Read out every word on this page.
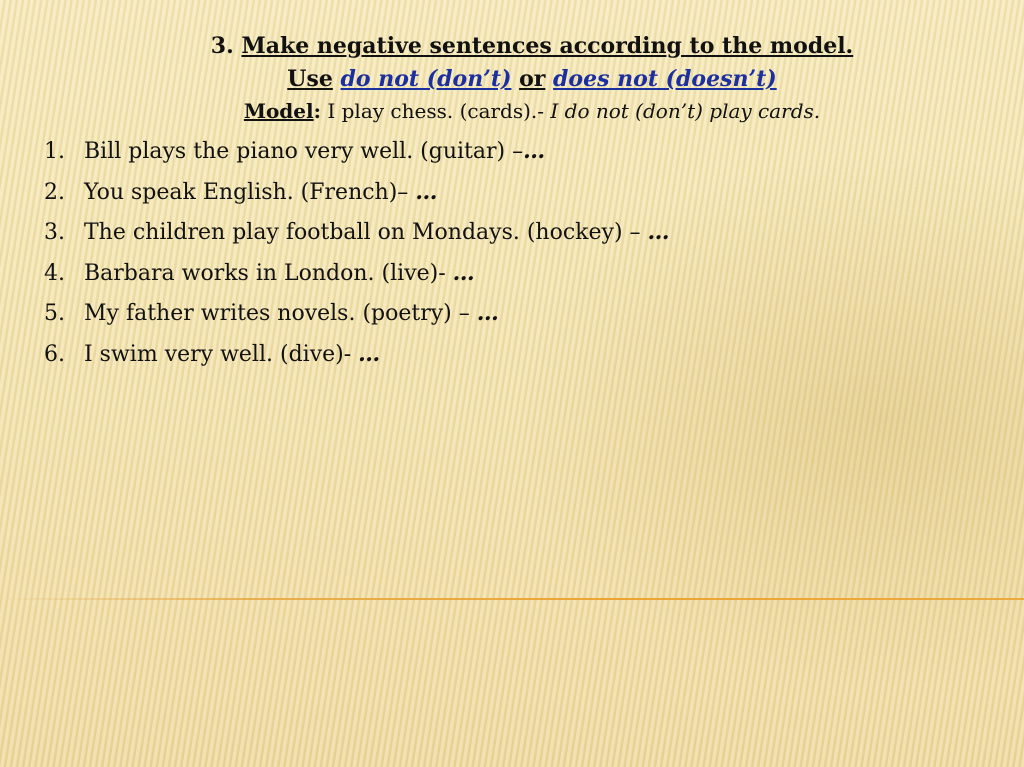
3. Make negative sentences according to the model.
Use do not (don’t) or does not (doesn’t)
Model: I play chess. (cards).- I do not (don’t) play cards.
1. Bill plays the piano very well. (guitar) –…
2. You speak English. (French)– …
3. The children play football on Mondays. (hockey) – …
4. Barbara works in London. (live)- …
5. My father writes novels. (poetry) – …
6. I swim very well. (dive)- …
